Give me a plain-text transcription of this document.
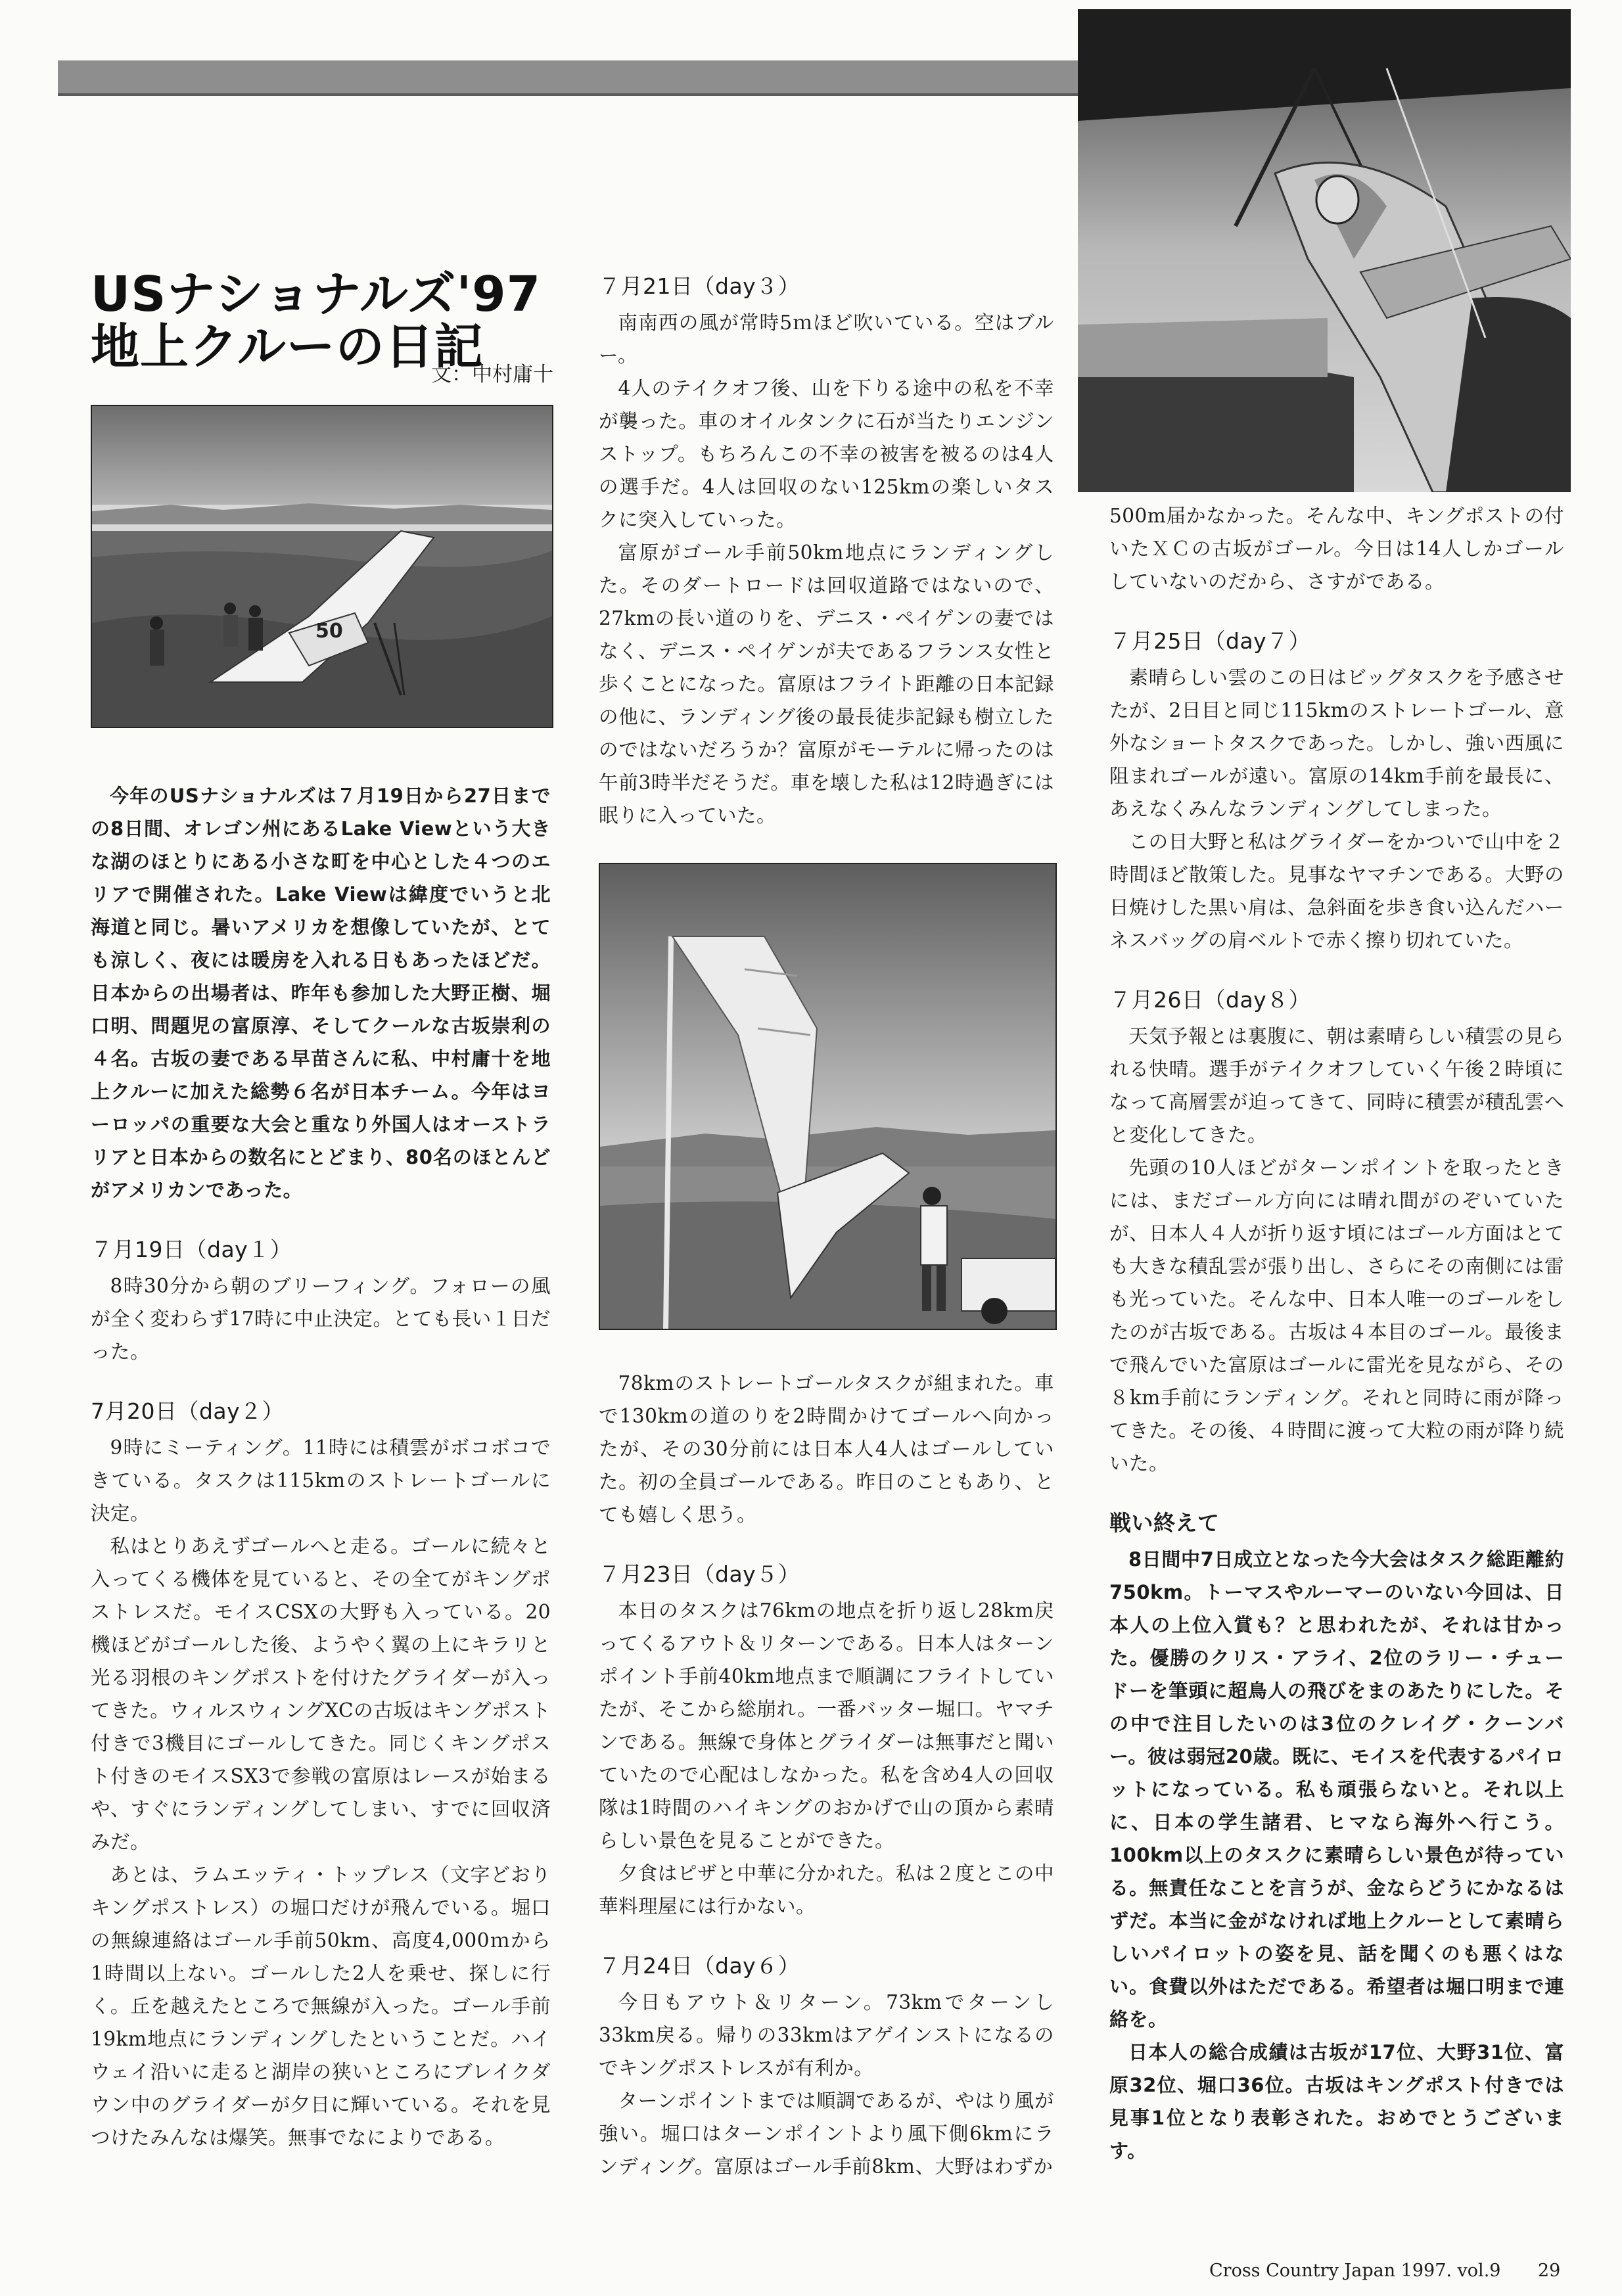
USナショナルズ'97
地上クルーの日記
文：中村庸十
50

今年のUSナショナルズは７月19日から27日までの8日間、オレゴン州にあるLake Viewという大きな湖のほとりにある小さな町を中心とした４つのエリアで開催された。Lake Viewは緯度でいうと北海道と同じ。暑いアメリカを想像していたが、とても涼しく、夜には暖房を入れる日もあったほどだ。日本からの出場者は、昨年も参加した大野正樹、堀口明、問題児の富原淳、そしてクールな古坂崇利の４名。古坂の妻である早苗さんに私、中村庸十を地上クルーに加えた総勢６名が日本チーム。今年はヨーロッパの重要な大会と重なり外国人はオーストラリアと日本からの数名にとどまり、80名のほとんどがアメリカンであった。

７月19日（day１）

8時30分から朝のブリーフィング。フォローの風が全く変わらず17時に中止決定。とても長い１日だった。

7月20日（day２）

9時にミーティング。11時には積雲がボコボコできている。タスクは115kmのストレートゴールに決定。

私はとりあえずゴールへと走る。ゴールに続々と入ってくる機体を見ていると、その全てがキングポストレスだ。モイスCSXの大野も入っている。20機ほどがゴールした後、ようやく翼の上にキラリと光る羽根のキングポストを付けたグライダーが入ってきた。ウィルスウィングXCの古坂はキングポスト付きで3機目にゴールしてきた。同じくキングポスト付きのモイスSX3で参戦の富原はレースが始まるや、すぐにランディングしてしまい、すでに回収済みだ。

あとは、ラムエッティ・トップレス（文字どおりキングポストレス）の堀口だけが飛んでいる。堀口の無線連絡はゴール手前50km、高度4,000ｍから1時間以上ない。ゴールした2人を乗せ、探しに行く。丘を越えたところで無線が入った。ゴール手前19km地点にランディングしたということだ。ハイウェイ沿いに走ると湖岸の狭いところにブレイクダウン中のグライダーが夕日に輝いている。それを見つけたみんなは爆笑。無事でなによりである。

７月21日（day３）

南南西の風が常時5ｍほど吹いている。空はブルー。

4人のテイクオフ後、山を下りる途中の私を不幸が襲った。車のオイルタンクに石が当たりエンジンストップ。もちろんこの不幸の被害を被るのは4人の選手だ。4人は回収のない125kmの楽しいタスクに突入していった。

富原がゴール手前50km地点にランディングした。そのダートロードは回収道路ではないので、27kmの長い道のりを、デニス・ペイゲンの妻ではなく、デニス・ペイゲンが夫であるフランス女性と歩くことになった。富原はフライト距離の日本記録の他に、ランディング後の最長徒歩記録も樹立したのではないだろうか？富原がモーテルに帰ったのは午前3時半だそうだ。車を壊した私は12時過ぎには眠りに入っていた。

78kmのストレートゴールタスクが組まれた。車で130kmの道のりを2時間かけてゴールへ向かったが、その30分前には日本人4人はゴールしていた。初の全員ゴールである。昨日のこともあり、とても嬉しく思う。

７月23日（day５）

本日のタスクは76kmの地点を折り返し28km戻ってくるアウト＆リターンである。日本人はターンポイント手前40km地点まで順調にフライトしていたが、そこから総崩れ。一番バッター堀口。ヤマチンである。無線で身体とグライダーは無事だと聞いていたので心配はしなかった。私を含め4人の回収隊は1時間のハイキングのおかげで山の頂から素晴らしい景色を見ることができた。

夕食はピザと中華に分かれた。私は２度とこの中華料理屋には行かない。

７月24日（day６）

今日もアウト＆リターン。73kmでターンし33km戻る。帰りの33kmはアゲインストになるのでキングポストレスが有利か。

ターンポイントまでは順調であるが、やはり風が強い。堀口はターンポイントより風下側6kmにランディング。富原はゴール手前8km、大野はわずか

500m届かなかった。そんな中、キングポストの付いたＸＣの古坂がゴール。今日は14人しかゴールしていないのだから、さすがである。

７月25日（day７）

素晴らしい雲のこの日はビッグタスクを予感させたが、2日目と同じ115kmのストレートゴール、意外なショートタスクであった。しかし、強い西風に阻まれゴールが遠い。富原の14km手前を最長に、あえなくみんなランディングしてしまった。

この日大野と私はグライダーをかついで山中を２時間ほど散策した。見事なヤマチンである。大野の日焼けした黒い肩は、急斜面を歩き食い込んだハーネスバッグの肩ベルトで赤く擦り切れていた。

７月26日（day８）

天気予報とは裏腹に、朝は素晴らしい積雲の見られる快晴。選手がテイクオフしていく午後２時頃になって高層雲が迫ってきて、同時に積雲が積乱雲へと変化してきた。

先頭の10人ほどがターンポイントを取ったときには、まだゴール方向には晴れ間がのぞいていたが、日本人４人が折り返す頃にはゴール方面はとても大きな積乱雲が張り出し、さらにその南側には雷も光っていた。そんな中、日本人唯一のゴールをしたのが古坂である。古坂は４本目のゴール。最後まで飛んでいた富原はゴールに雷光を見ながら、その８km手前にランディング。それと同時に雨が降ってきた。その後、４時間に渡って大粒の雨が降り続いた。

戦い終えて

8日間中7日成立となった今大会はタスク総距離約750km。トーマスやルーマーのいない今回は、日本人の上位入賞も？と思われたが、それは甘かった。優勝のクリス・アライ、2位のラリー・チュードーを筆頭に超鳥人の飛びをまのあたりにした。その中で注目したいのは3位のクレイグ・クーンバー。彼は弱冠20歳。既に、モイスを代表するパイロットになっている。私も頑張らないと。それ以上に、日本の学生諸君、ヒマなら海外へ行こう。100km以上のタスクに素晴らしい景色が待っている。無責任なことを言うが、金ならどうにかなるはずだ。本当に金がなければ地上クルーとして素晴らしいパイロットの姿を見、話を聞くのも悪くはない。食費以外はただである。希望者は堀口明まで連絡を。

日本人の総合成績は古坂が17位、大野31位、富原32位、堀口36位。古坂はキングポスト付きでは見事1位となり表彰された。おめでとうございます。

Cross Country Japan 1997. vol.9 29
